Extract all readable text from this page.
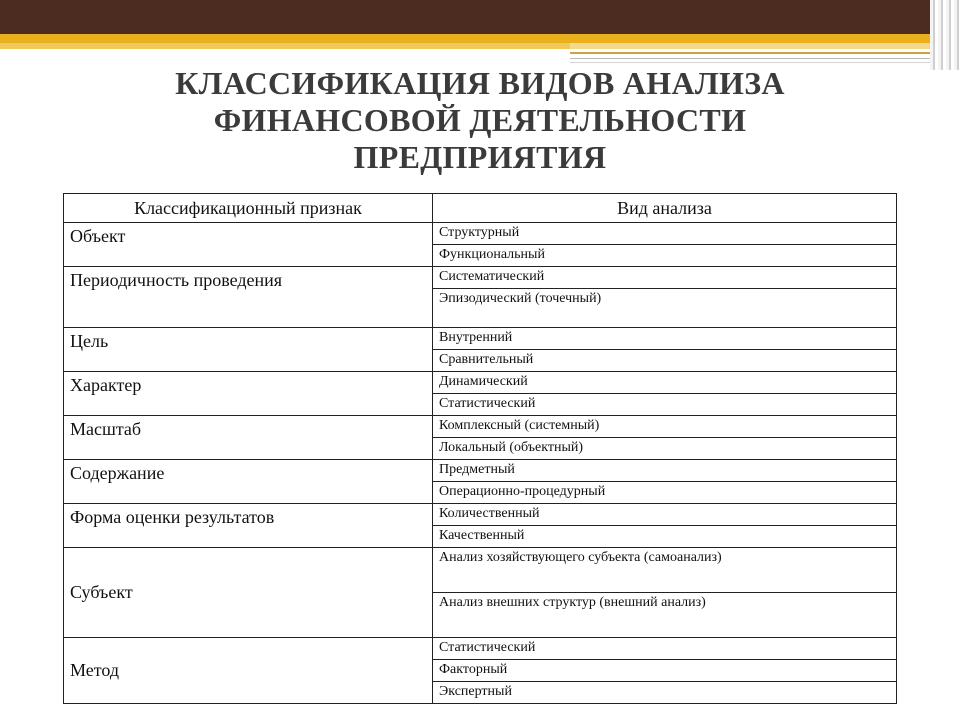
КЛАССИФИКАЦИЯ ВИДОВ АНАЛИЗА
ФИНАНСОВОЙ ДЕЯТЕЛЬНОСТИ
ПРЕДПРИЯТИЯ
Классификационный признак	Вид анализа
Объект	Структурный
	Функциональный
Периодичность проведения	Систематический
	Эпизодический (точечный)
Цель	Внутренний
	Сравнительный
Характер	Динамический
	Статистический
Масштаб	Комплексный (системный)
	Локальный (объектный)
Содержание	Предметный
	Операционно-процедурный
Форма оценки результатов	Количественный
	Качественный
Субъект	Анализ хозяйствующего субъекта (самоанализ)
	Анализ внешних структур (внешний анализ)
Метод	Статистический
	Факторный
	Экспертный
